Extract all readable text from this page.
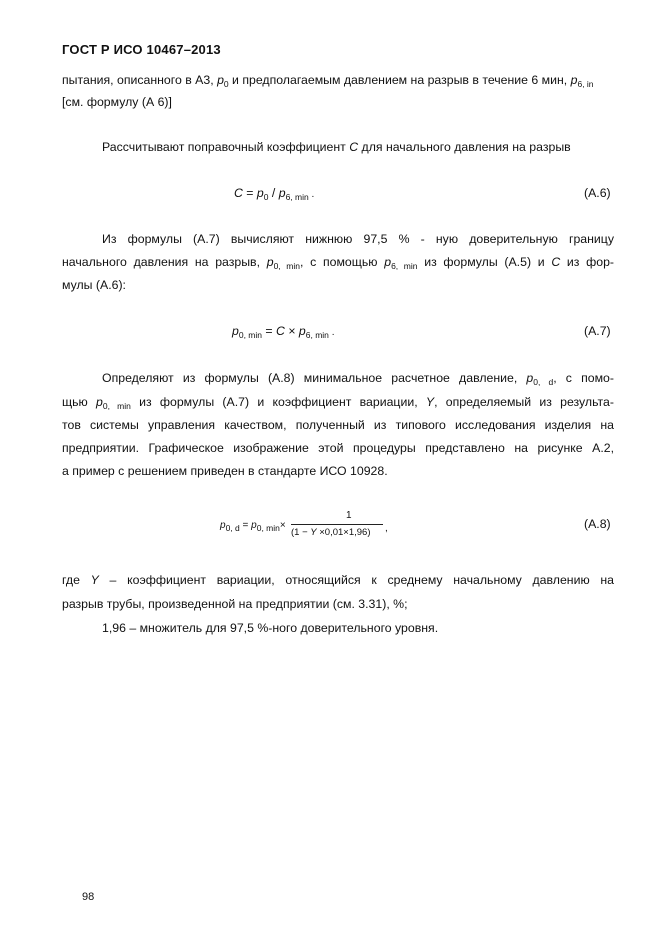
ГОСТ Р ИСО 10467–2013
пытания, описанного в А3, $p_0$ и предполагаемым давлением на разрыв в течение 6 мин, $p_{6, in}$
[см. формулу (А 6)]
Рассчитывают поправочный коэффициент C для начального давления на разрыв
$C = p_0 / p_{6, min}$ .	(А.6)
Из формулы (А.7) вычисляют нижнюю 97,5 % - ную доверительную границу
начального давления на разрыв, $p_{0, min}$, с помощью $p_{6, min}$ из формулы (А.5) и C из фор-
мулы (А.6):
$p_{0, min} = C \times p_{6, min}$ .	(А.7)
Определяют из формулы (А.8) минимальное расчетное давление, $p_{0, d}$, с помо-
щью $p_{0, min}$ из формулы (А.7) и коэффициент вариации, Y, определяемый из результа-
тов системы управления качеством, полученный из типового исследования изделия на
предприятии. Графическое изображение этой процедуры представлено на рисунке А.2,
а пример с решением приведен в стандарте ИСО 10928.
$p_{0, d} = p_{0, min}\times$
1
(1 − Y ×0,01×1,96) ,	(А.8)
где Y – коэффициент вариации, относящийся к среднему начальному давлению на
разрыв трубы, произведенной на предприятии (см. 3.31), %;
1,96 – множитель для 97,5 %-ного доверительного уровня.
98
